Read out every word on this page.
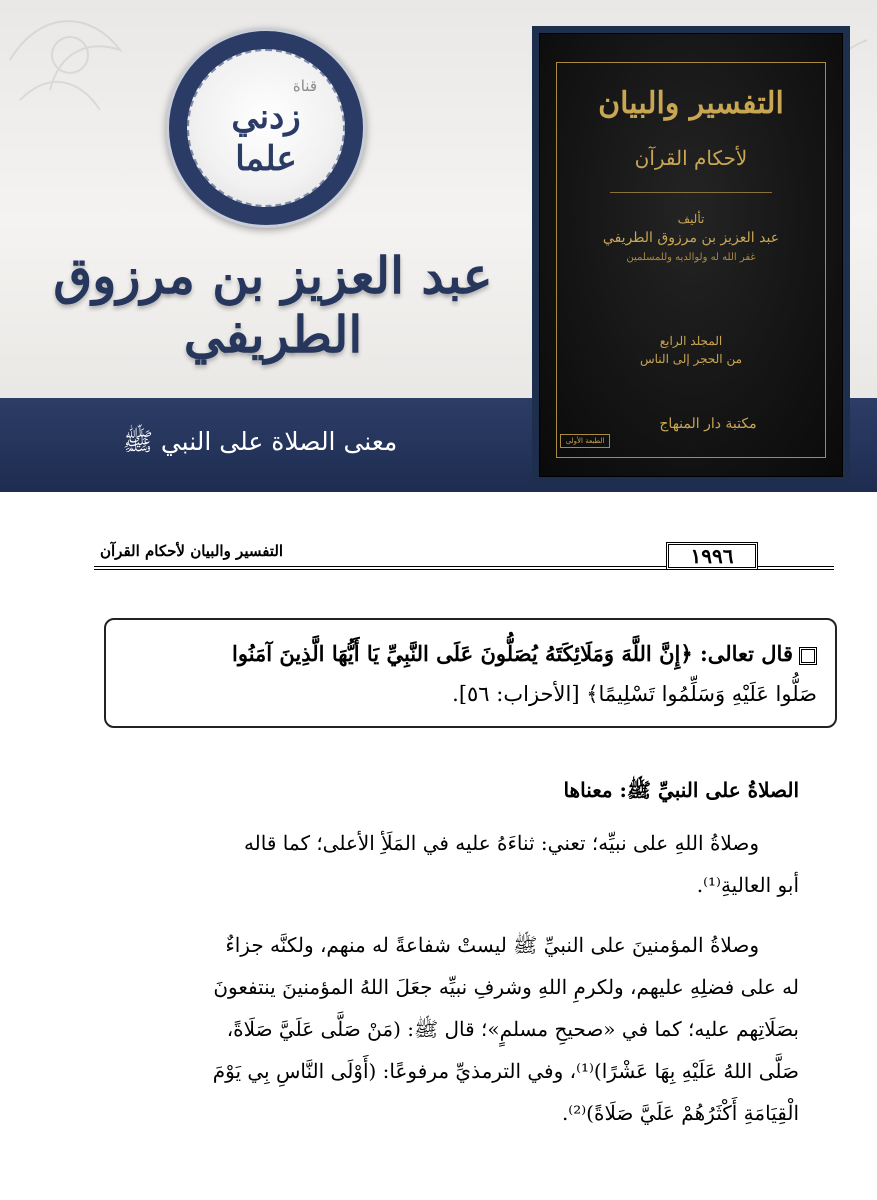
قناة
زدني
علما
عبد العزيز بن مرزوق الطريفي
معنى الصلاة على النبي ﷺ
التفسير والبيان
لأحكام القرآن
تأليف
عبد العزيز بن مرزوق الطريفي
غفر الله له ولوالديه وللمسلمين
المجلد الرابع
من الحجر إلى الناس
مكتبة دار المنهاج
الطبعة الأولى
التفسير والبيان لأحكام القرآن	١٩٩٦
قال تعالى: ﴿إِنَّ اللَّهَ وَمَلَائِكَتَهُ يُصَلُّونَ عَلَى النَّبِيِّ يَا أَيُّهَا الَّذِينَ آمَنُوا
صَلُّوا عَلَيْهِ وَسَلِّمُوا تَسْلِيمًا﴾ [الأحزاب: ٥٦].
الصلاةُ على النبيِّ ﷺ: معناها
وصلاةُ اللهِ على نبيِّه؛ تعني: ثناءَهُ عليه في المَلَأِ الأعلى؛ كما قاله
أبو العاليةِ⁽¹⁾.
وصلاةُ المؤمنينَ على النبيِّ ﷺ ليستْ شفاعةً له منهم، ولكنَّه جزاءٌ
له على فضلِهِ عليهم، ولكرمِ اللهِ وشرفِ نبيِّه جعَلَ اللهُ المؤمنينَ ينتفعونَ
بصَلَاتِهم عليه؛ كما في «صحيحِ مسلمٍ»؛ قال ﷺ: (مَنْ صَلَّى عَلَيَّ صَلَاةً،
صَلَّى اللهُ عَلَيْهِ بِهَا عَشْرًا)⁽¹⁾، وفي الترمذيِّ مرفوعًا: (أَوْلَى النَّاسِ بِي يَوْمَ
الْقِيَامَةِ أَكْثَرُهُمْ عَلَيَّ صَلَاةً)⁽²⁾.
